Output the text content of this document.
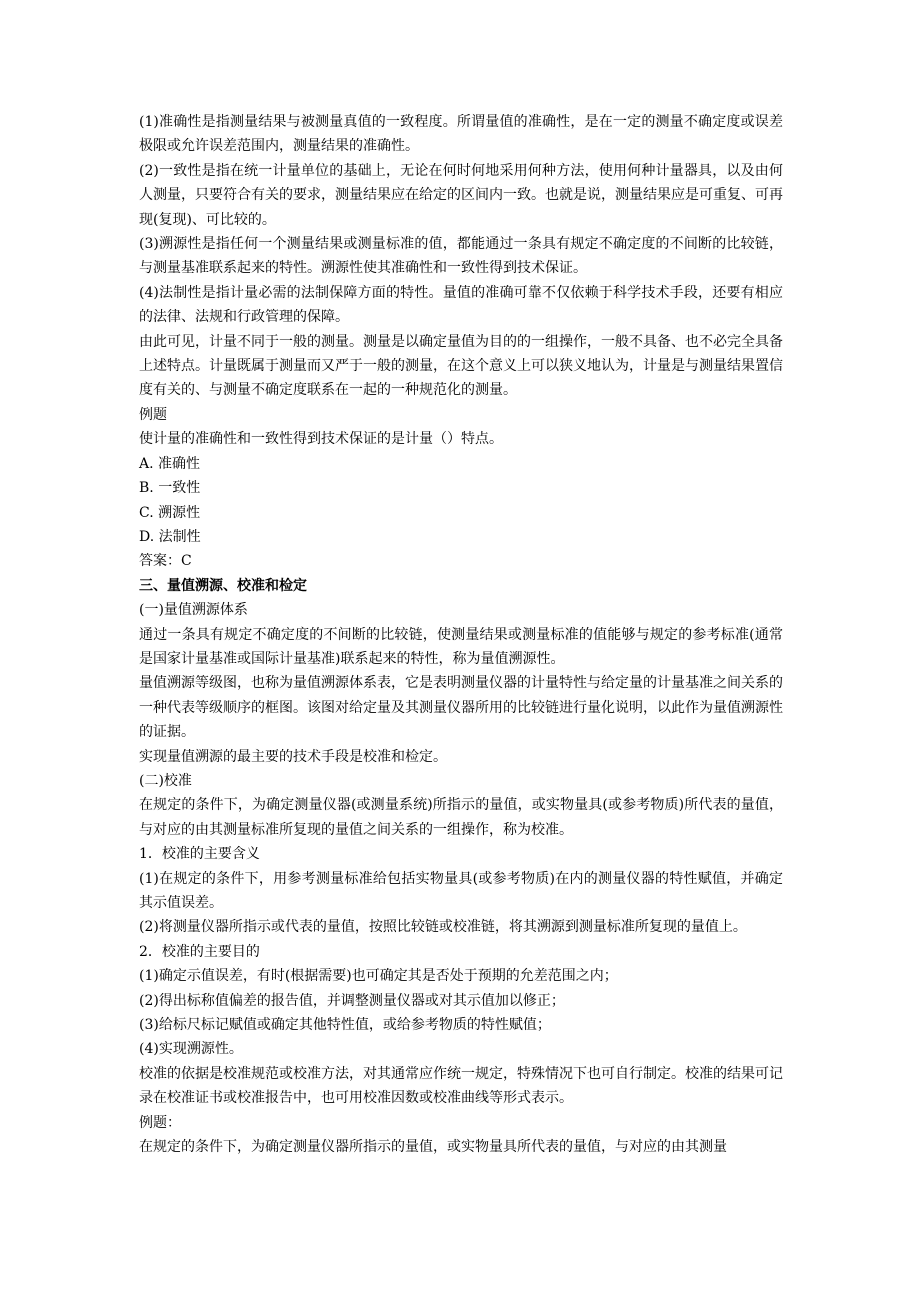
(1)准确性是指测量结果与被测量真值的一致程度。所谓量值的准确性，是在一定的测量不确定度或误差极限或允许误差范围内，测量结果的准确性。

(2)一致性是指在统一计量单位的基础上，无论在何时何地采用何种方法，使用何种计量器具，以及由何人测量，只要符合有关的要求，测量结果应在给定的区间内一致。也就是说，测量结果应是可重复、可再现(复现)、可比较的。

(3)溯源性是指任何一个测量结果或测量标准的值，都能通过一条具有规定不确定度的不间断的比较链，与测量基准联系起来的特性。溯源性使其准确性和一致性得到技术保证。

(4)法制性是指计量必需的法制保障方面的特性。量值的准确可靠不仅依赖于科学技术手段，还要有相应的法律、法规和行政管理的保障。

由此可见，计量不同于一般的测量。测量是以确定量值为目的的一组操作，一般不具备、也不必完全具备上述特点。计量既属于测量而又严于一般的测量，在这个意义上可以狭义地认为，计量是与测量结果置信度有关的、与测量不确定度联系在一起的一种规范化的测量。

例题

使计量的准确性和一致性得到技术保证的是计量（）特点。

A. 准确性

B. 一致性

C. 溯源性

D. 法制性

答案：C

三、量值溯源、校准和检定

(一)量值溯源体系

通过一条具有规定不确定度的不间断的比较链，使测量结果或测量标准的值能够与规定的参考标准(通常是国家计量基准或国际计量基准)联系起来的特性，称为量值溯源性。

量值溯源等级图，也称为量值溯源体系表，它是表明测量仪器的计量特性与给定量的计量基准之间关系的一种代表等级顺序的框图。该图对给定量及其测量仪器所用的比较链进行量化说明，以此作为量值溯源性的证据。

实现量值溯源的最主要的技术手段是校准和检定。

(二)校准

在规定的条件下，为确定测量仪器(或测量系统)所指示的量值，或实物量具(或参考物质)所代表的量值，与对应的由其测量标准所复现的量值之间关系的一组操作，称为校准。

1．校准的主要含义

(1)在规定的条件下，用参考测量标准给包括实物量具(或参考物质)在内的测量仪器的特性赋值，并确定其示值误差。

(2)将测量仪器所指示或代表的量值，按照比较链或校准链，将其溯源到测量标准所复现的量值上。

2．校准的主要目的

(1)确定示值误差，有时(根据需要)也可确定其是否处于预期的允差范围之内；

(2)得出标称值偏差的报告值，并调整测量仪器或对其示值加以修正；

(3)给标尺标记赋值或确定其他特性值，或给参考物质的特性赋值；

(4)实现溯源性。

校准的依据是校准规范或校准方法，对其通常应作统一规定，特殊情况下也可自行制定。校准的结果可记录在校准证书或校准报告中，也可用校准因数或校准曲线等形式表示。

例题：

在规定的条件下，为确定测量仪器所指示的量值，或实物量具所代表的量值，与对应的由其测量
